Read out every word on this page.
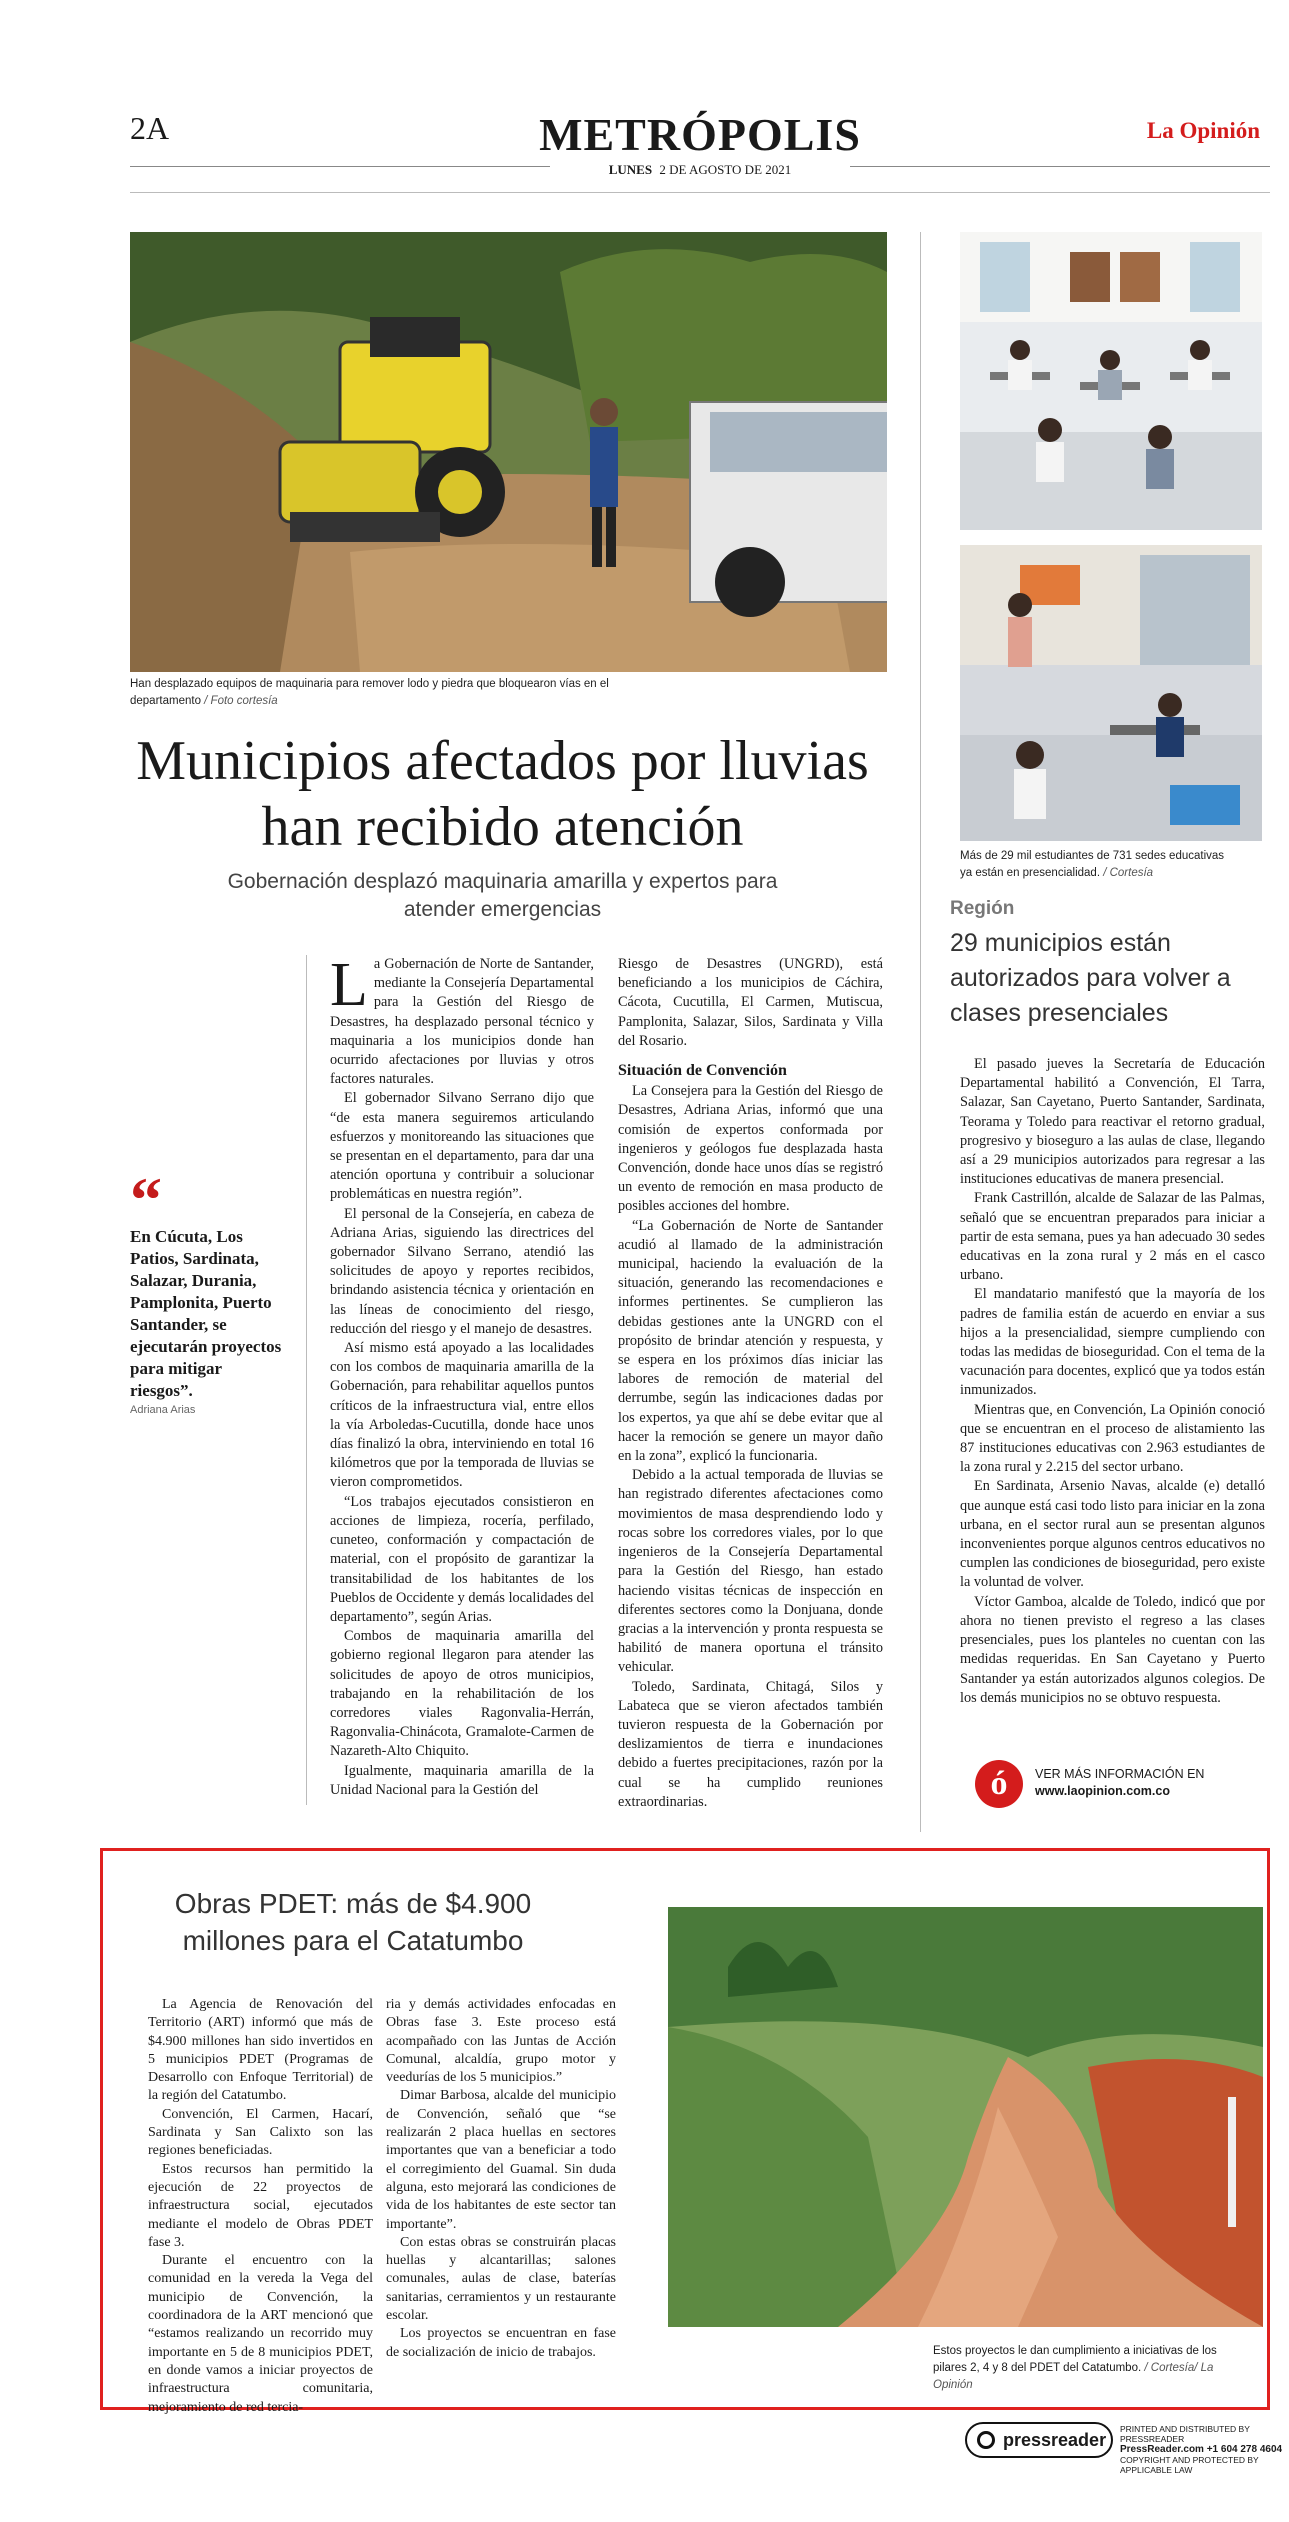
2A	METRÓPOLIS	La Opinión
LUNES 2 DE AGOSTO DE 2021
Han desplazado equipos de maquinaria para remover lodo y piedra que bloquearon vías en el departamento / Foto cortesía
Municipios afectados por lluvias han recibido atención
Gobernación desplazó maquinaria amarilla y expertos para atender emergencias
“
En Cúcuta, Los Patios, Sardinata, Salazar, Durania, Pamplonita, Puerto Santander, se ejecutarán proyectos para mitigar riesgos”.
Adriana Arias

La Gobernación de Norte de Santander, mediante la Consejería Departamental para la Gestión del Riesgo de Desastres, ha desplazado personal técnico y maquinaria a los municipios donde han ocurrido afectaciones por lluvias y otros factores naturales.

El gobernador Silvano Serrano dijo que “de esta manera seguiremos articulando esfuerzos y monitoreando las situaciones que se presentan en el departamento, para dar una atención oportuna y contribuir a solucionar problemáticas en nuestra región”.

El personal de la Consejería, en cabeza de Adriana Arias, siguiendo las directrices del gobernador Silvano Serrano, atendió las solicitudes de apoyo y reportes recibidos, brindando asistencia técnica y orientación en las líneas de conocimiento del riesgo, reducción del riesgo y el manejo de desastres.

Así mismo está apoyado a las localidades con los combos de maquinaria amarilla de la Gobernación, para rehabilitar aquellos puntos críticos de la infraestructura vial, entre ellos la vía Arboledas-Cucutilla, donde hace unos días finalizó la obra, interviniendo en total 16 kilómetros que por la temporada de lluvias se vieron comprometidos.

“Los trabajos ejecutados consistieron en acciones de limpieza, rocería, perfilado, cuneteo, conformación y compactación de material, con el propósito de garantizar la transitabilidad de los habitantes de los Pueblos de Occidente y demás localidades del departamento”, según Arias.

Combos de maquinaria amarilla del gobierno regional llegaron para atender las solicitudes de apoyo de otros municipios, trabajando en la rehabilitación de los corredores viales Ragonvalia-Herrán, Ragonvalia-Chinácota, Gramalote-Carmen de Nazareth-Alto Chiquito.

Igualmente, maquinaria amarilla de la Unidad Nacional para la Gestión del

Riesgo de Desastres (UNGRD), está beneficiando a los municipios de Cáchira, Cácota, Cucutilla, El Carmen, Mutiscua, Pamplonita, Salazar, Silos, Sardinata y Villa del Rosario.

Situación de Convención

La Consejera para la Gestión del Riesgo de Desastres, Adriana Arias, informó que una comisión de expertos conformada por ingenieros y geólogos fue desplazada hasta Convención, donde hace unos días se registró un evento de remoción en masa producto de posibles acciones del hombre.

“La Gobernación de Norte de Santander acudió al llamado de la administración municipal, haciendo la evaluación de la situación, generando las recomendaciones e informes pertinentes. Se cumplieron las debidas gestiones ante la UNGRD con el propósito de brindar atención y respuesta, y se espera en los próximos días iniciar las labores de remoción de material del derrumbe, según las indicaciones dadas por los expertos, ya que ahí se debe evitar que al hacer la remoción se genere un mayor daño en la zona”, explicó la funcionaria.

Debido a la actual temporada de lluvias se han registrado diferentes afectaciones como movimientos de masa desprendiendo lodo y rocas sobre los corredores viales, por lo que ingenieros de la Consejería Departamental para la Gestión del Riesgo, han estado haciendo visitas técnicas de inspección en diferentes sectores como la Donjuana, donde gracias a la intervención y pronta respuesta se habilitó de manera oportuna el tránsito vehicular.

Toledo, Sardinata, Chitagá, Silos y Labateca que se vieron afectados también tuvieron respuesta de la Gobernación por deslizamientos de tierra e inundaciones debido a fuertes precipitaciones, razón por la cual se ha cumplido reuniones extraordinarias.

Más de 29 mil estudiantes de 731 sedes educativas ya están en presencialidad. / Cortesía
Región
29 municipios están autorizados para volver a clases presenciales

El pasado jueves la Secretaría de Educación Departamental habilitó a Convención, El Tarra, Salazar, San Cayetano, Puerto Santander, Sardinata, Teorama y Toledo para reactivar el retorno gradual, progresivo y bioseguro a las aulas de clase, llegando así a 29 municipios autorizados para regresar a las instituciones educativas de manera presencial.

Frank Castrillón, alcalde de Salazar de las Palmas, señaló que se encuentran preparados para iniciar a partir de esta semana, pues ya han adecuado 30 sedes educativas en la zona rural y 2 más en el casco urbano.

El mandatario manifestó que la mayoría de los padres de familia están de acuerdo en enviar a sus hijos a la presencialidad, siempre cumpliendo con todas las medidas de bioseguridad. Con el tema de la vacunación para docentes, explicó que ya todos están inmunizados.

Mientras que, en Convención, La Opinión conoció que se encuentran en el proceso de alistamiento las 87 instituciones educativas con 2.963 estudiantes de la zona rural y 2.215 del sector urbano.

En Sardinata, Arsenio Navas, alcalde (e) detalló que aunque está casi todo listo para iniciar en la zona urbana, en el sector rural aun se presentan algunos inconvenientes porque algunos centros educativos no cumplen las condiciones de bioseguridad, pero existe la voluntad de volver.

Víctor Gamboa, alcalde de Toledo, indicó que por ahora no tienen previsto el regreso a las clases presenciales, pues los planteles no cuentan con las medidas requeridas. En San Cayetano y Puerto Santander ya están autorizados algunos colegios. De los demás municipios no se obtuvo respuesta.

ó	VER MÁS INFORMACIÓN EN
www.laopinion.com.co
Obras PDET: más de $4.900 millones para el Catatumbo

La Agencia de Renovación del Territorio (ART) informó que más de $4.900 millones han sido invertidos en 5 municipios PDET (Programas de Desarrollo con Enfoque Territorial) de la región del Catatumbo.

Convención, El Carmen, Hacarí, Sardinata y San Calixto son las regiones beneficiadas.

Estos recursos han permitido la ejecución de 22 proyectos de infraestructura social, ejecutados mediante el modelo de Obras PDET fase 3.

Durante el encuentro con la comunidad en la vereda la Vega del municipio de Convención, la coordinadora de la ART mencionó que “estamos realizando un recorrido muy importante en 5 de 8 municipios PDET, en donde vamos a iniciar proyectos de infraestructura comunitaria, mejoramiento de red tercia-

ria y demás actividades enfocadas en Obras fase 3. Este proceso está acompañado con las Juntas de Acción Comunal, alcaldía, grupo motor y veedurías de los 5 municipios.”

Dimar Barbosa, alcalde del municipio de Convención, señaló que “se realizarán 2 placa huellas en sectores importantes que van a beneficiar a todo el corregimiento del Guamal. Sin duda alguna, esto mejorará las condiciones de vida de los habitantes de este sector tan importante”.

Con estas obras se construirán placas huellas y alcantarillas; salones comunales, aulas de clase, baterías sanitarias, cerramientos y un restaurante escolar.

Los proyectos se encuentran en fase de socialización de inicio de trabajos.	Estos proyectos le dan cumplimiento a iniciativas de los pilares 2, 4 y 8 del PDET del Catatumbo. / Cortesía/ La Opinión
pressreader
PRINTED AND DISTRIBUTED BY PRESSREADER
PressReader.com +1 604 278 4604
COPYRIGHT AND PROTECTED BY APPLICABLE LAW
